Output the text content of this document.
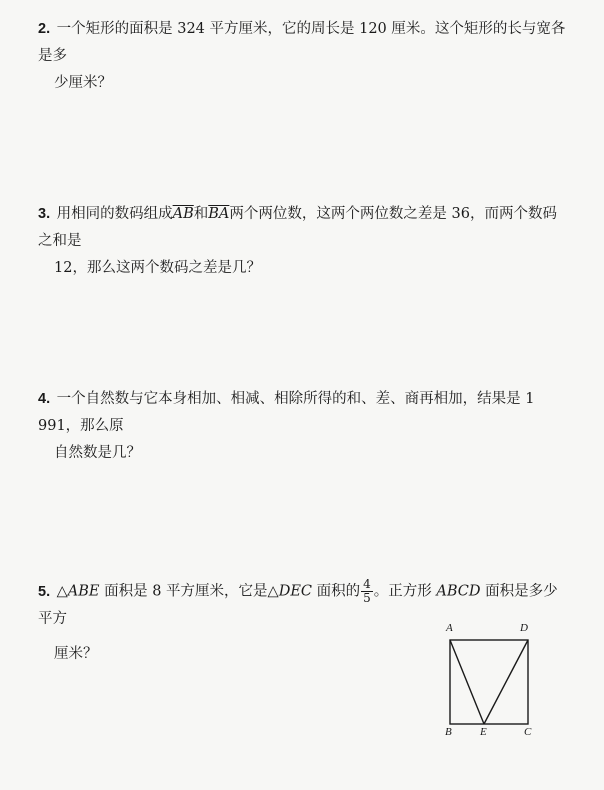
2. 一个矩形的面积是 324 平方厘米，它的周长是 120 厘米。这个矩形的长与宽各是多
少厘米？
3. 用相同的数码组成$\overline{AB}$和$\overline{BA}$两个两位数，这两个两位数之差是 36，而两个数码之和是
12，那么这两个数码之差是几？
4. 一个自然数与它本身相加、相减、相除所得的和、差、商再相加，结果是 1 991，那么原
自然数是几？
5. △ABE 面积是 8 平方厘米，它是△DEC 面积的 $\frac{4}{5}$ 。正方形 ABCD 面积是多少平方
厘米？
A	D
B	E	C
